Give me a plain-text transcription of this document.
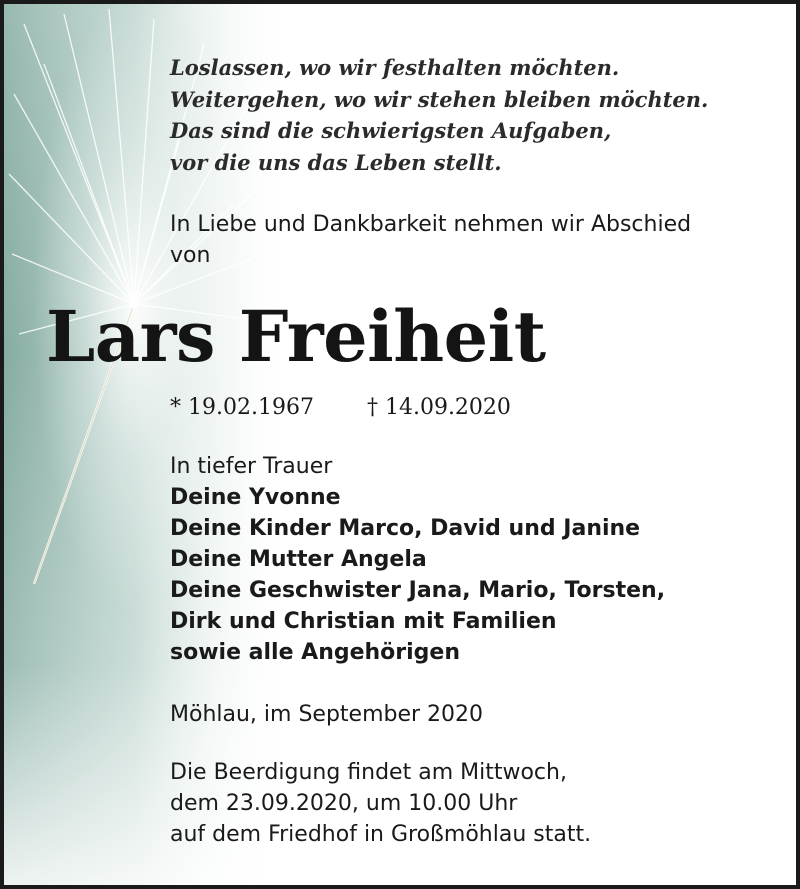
Loslassen, wo wir festhalten möchten.
Weitergehen, wo wir stehen bleiben möchten.
Das sind die schwierigsten Aufgaben,
vor die uns das Leben stellt.

In Liebe und Dankbarkeit nehmen wir Abschied
von

Lars Freiheit

* 19.02.1967 † 14.09.2020

In tiefer Trauer
Deine Yvonne
Deine Kinder Marco, David und Janine
Deine Mutter Angela
Deine Geschwister Jana, Mario, Torsten,
Dirk und Christian mit Familien
sowie alle Angehörigen

Möhlau, im September 2020

Die Beerdigung findet am Mittwoch,
dem 23.09.2020, um 10.00 Uhr
auf dem Friedhof in Großmöhlau statt.
